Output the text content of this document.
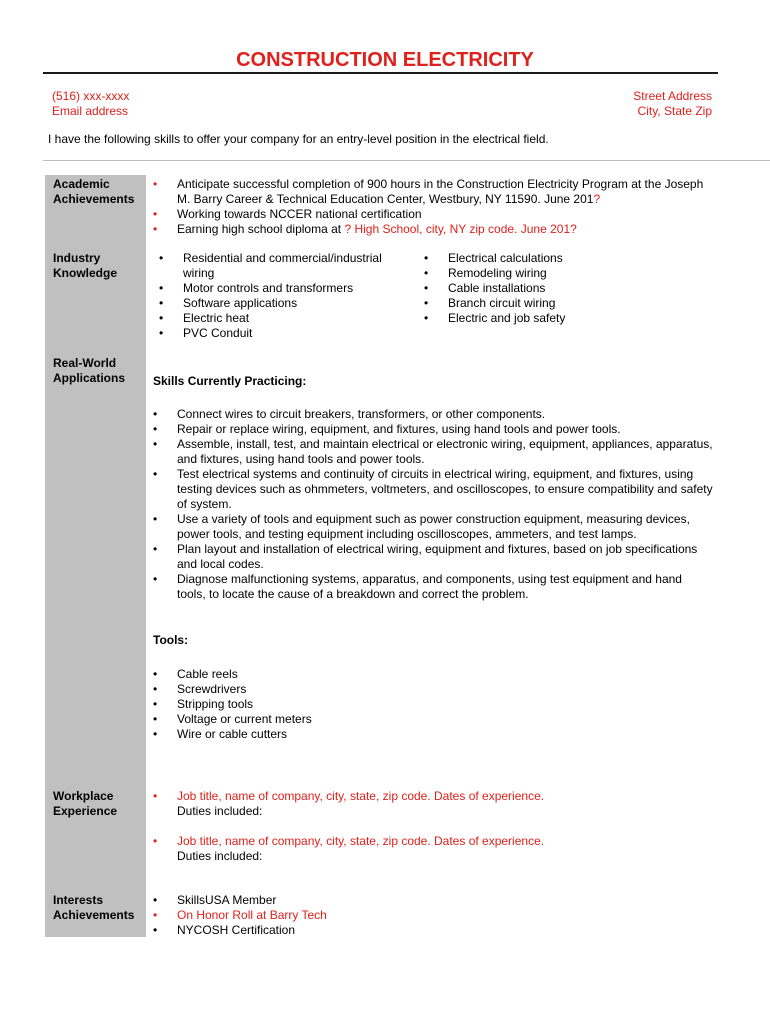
CONSTRUCTION ELECTRICITY
(516) xxx-xxxx
Email address
Street Address
City, State Zip
I have the following skills to offer your company for an entry-level position in the electrical field.
Academic
Achievements
• Anticipate successful completion of 900 hours in the Construction Electricity Program at the Joseph M. Barry Career & Technical Education Center, Westbury, NY 11590. June 201?
• Working towards NCCER national certification
• Earning high school diploma at ? High School, city, NY zip code. June 201?
Industry
Knowledge
• Residential and commercial/industrial wiring
• Motor controls and transformers
• Software applications
• Electric heat
• PVC Conduit
• Electrical calculations
• Remodeling wiring
• Cable installations
• Branch circuit wiring
• Electric and job safety
Real-World
Applications	Skills Currently Practicing:
• Connect wires to circuit breakers, transformers, or other components.
• Repair or replace wiring, equipment, and fixtures, using hand tools and power tools.
• Assemble, install, test, and maintain electrical or electronic wiring, equipment, appliances, apparatus, and fixtures, using hand tools and power tools.
• Test electrical systems and continuity of circuits in electrical wiring, equipment, and fixtures, using testing devices such as ohmmeters, voltmeters, and oscilloscopes, to ensure compatibility and safety of system.
• Use a variety of tools and equipment such as power construction equipment, measuring devices, power tools, and testing equipment including oscilloscopes, ammeters, and test lamps.
• Plan layout and installation of electrical wiring, equipment and fixtures, based on job specifications and local codes.
• Diagnose malfunctioning systems, apparatus, and components, using test equipment and hand tools, to locate the cause of a breakdown and correct the problem.
Tools:
• Cable reels
• Screwdrivers
• Stripping tools
• Voltage or current meters
• Wire or cable cutters
Workplace
Experience
• Job title, name of company, city, state, zip code. Dates of experience.
Duties included:
• Job title, name of company, city, state, zip code. Dates of experience.
Duties included:
Interests
Achievements
• SkillsUSA Member
• On Honor Roll at Barry Tech
• NYCOSH Certification
